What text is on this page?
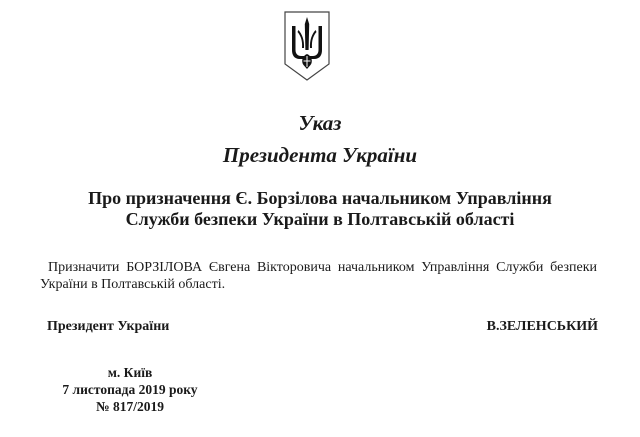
Указ
Президента України
Про призначення Є. Борзілова начальником Управління
Служби безпеки України в Полтавській області
Призначити БОРЗІЛОВА Євгена Вікторовича начальником Управління Служби безпеки України в Полтавській області.
Президент України	В.ЗЕЛЕНСЬКИЙ
м. Київ
7 листопада 2019 року
№ 817/2019
